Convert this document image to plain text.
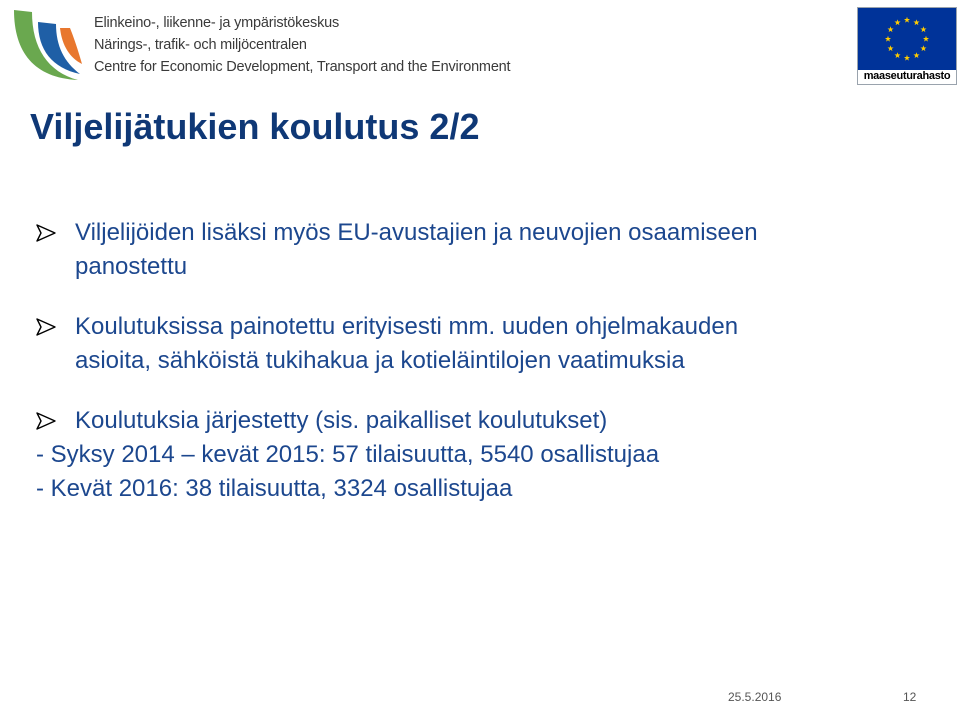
Elinkeino-, liikenne- ja ympäristökeskus
Närings-, trafik- och miljöcentralen
Centre for Economic Development, Transport and the Environment
maaseuturahasto
Viljelijätukien koulutus 2/2
Viljelijöiden lisäksi myös EU-avustajien ja neuvojien osaamiseen
panostettu
Koulutuksissa painotettu erityisesti mm. uuden ohjelmakauden
asioita, sähköistä tukihakua ja kotieläintilojen vaatimuksia
Koulutuksia järjestetty (sis. paikalliset koulutukset)
- Syksy 2014 – kevät 2015: 57 tilaisuutta, 5540 osallistujaa
- Kevät 2016: 38 tilaisuutta, 3324 osallistujaa
25.5.2016	12
